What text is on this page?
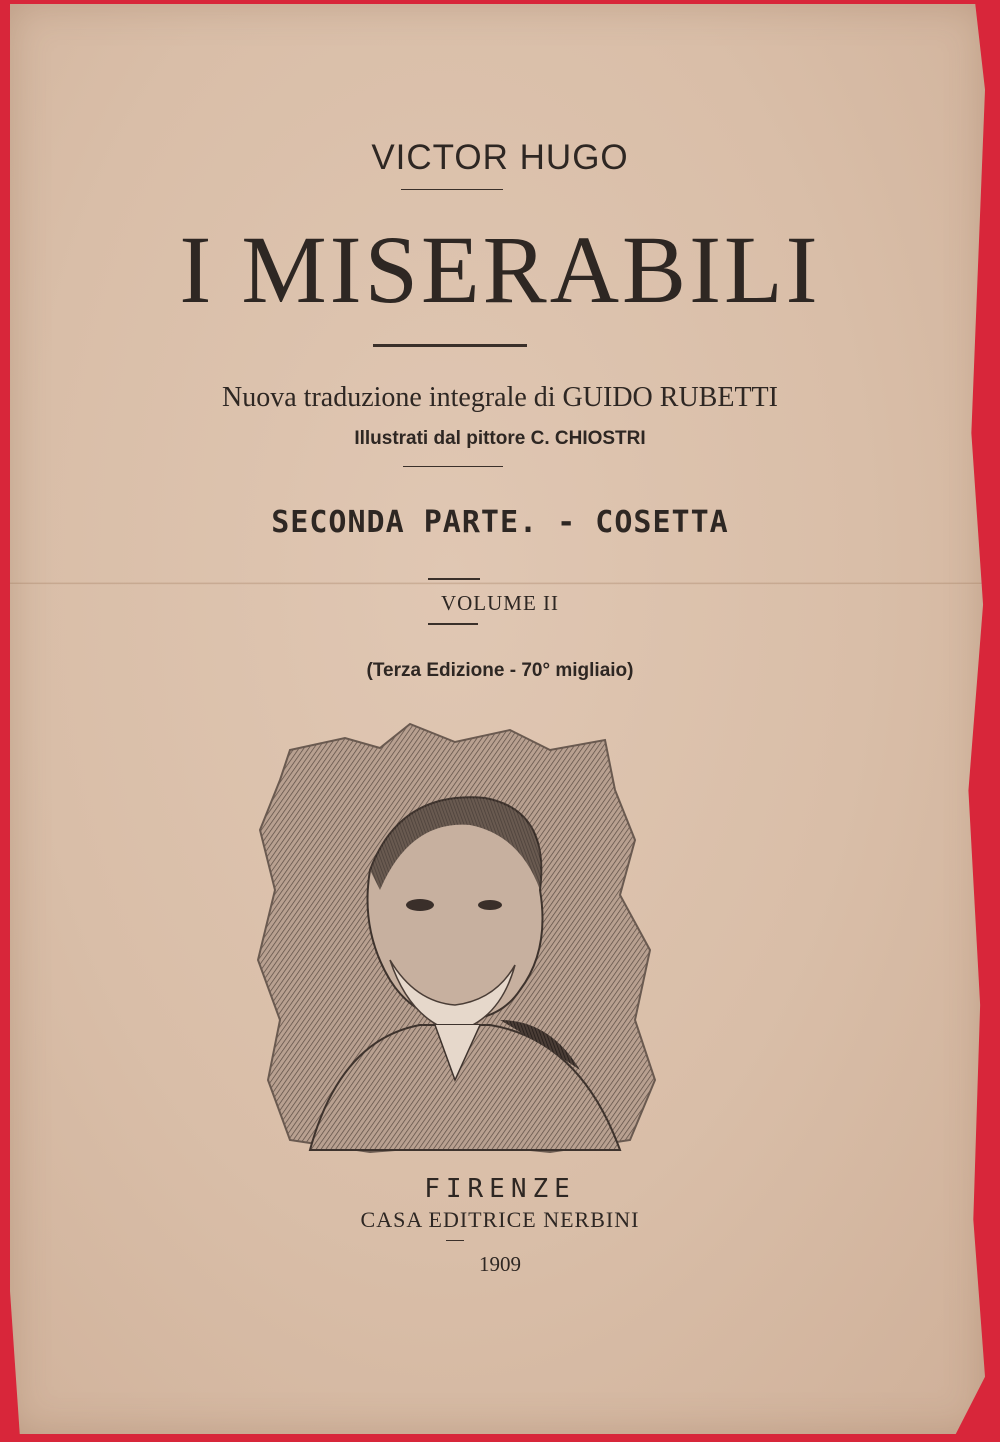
VICTOR HUGO
I MISERABILI
Nuova traduzione integrale di GUIDO RUBETTI
Illustrati dal pittore C. CHIOSTRI
SECONDA PARTE. - COSETTA
VOLUME II
(Terza Edizione - 70° migliaio)
FIRENZE
CASA EDITRICE NERBINI
1909
